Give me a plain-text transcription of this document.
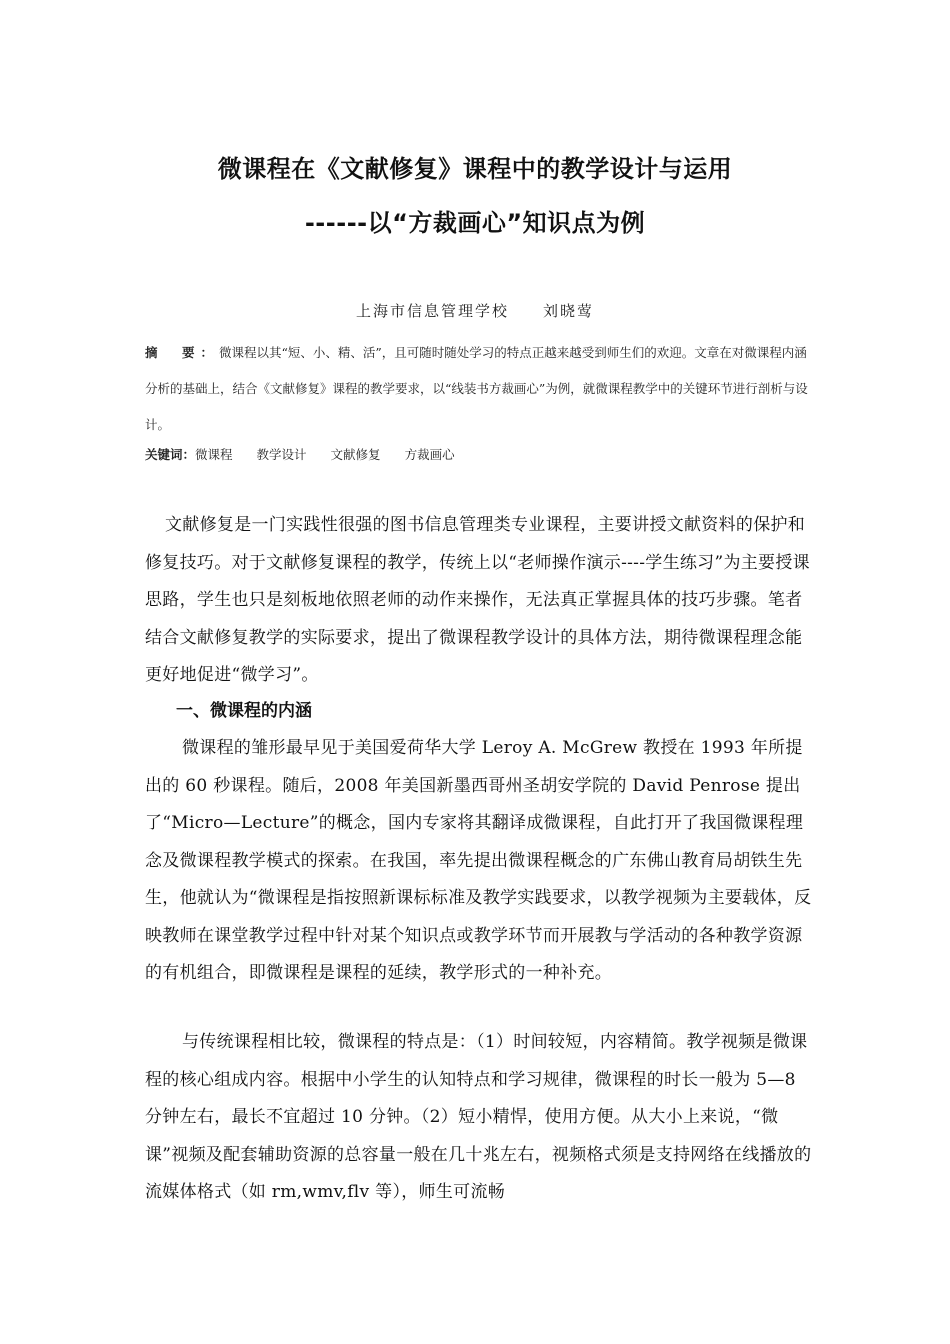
微课程在《文献修复》课程中的教学设计与运用
------以“方裁画心”知识点为例
上海市信息管理学校 刘晓莺

摘　要：微课程以其“短、小、精、活”，且可随时随处学习的特点正越来越受到师生们的欢迎。文章在对微课程内涵分析的基础上，结合《文献修复》课程的教学要求，以“线装书方裁画心”为例，就微课程教学中的关键环节进行剖析与设计。

关键词：微课程 教学设计 文献修复 方裁画心

文献修复是一门实践性很强的图书信息管理类专业课程，主要讲授文献资料的保护和修复技巧。对于文献修复课程的教学，传统上以“老师操作演示----学生练习”为主要授课思路，学生也只是刻板地依照老师的动作来操作，无法真正掌握具体的技巧步骤。笔者结合文献修复教学的实际要求，提出了微课程教学设计的具体方法，期待微课程理念能更好地促进“微学习”。

一、微课程的内涵

微课程的雏形最早见于美国爱荷华大学 Leroy A. McGrew 教授在 1993 年所提出的 60 秒课程。随后，2008 年美国新墨西哥州圣胡安学院的 David Penrose 提出了“Micro—Lecture”的概念，国内专家将其翻译成微课程，自此打开了我国微课程理念及微课程教学模式的探索。在我国，率先提出微课程概念的广东佛山教育局胡铁生先生，他就认为“微课程是指按照新课标标准及教学实践要求，以教学视频为主要载体，反映教师在课堂教学过程中针对某个知识点或教学环节而开展教与学活动的各种教学资源的有机组合，即微课程是课程的延续，教学形式的一种补充。

与传统课程相比较，微课程的特点是：（1）时间较短，内容精简。教学视频是微课程的核心组成内容。根据中小学生的认知特点和学习规律，微课程的时长一般为 5—8 分钟左右，最长不宜超过 10 分钟。（2）短小精悍，使用方便。从大小上来说，“微课”视频及配套辅助资源的总容量一般在几十兆左右，视频格式须是支持网络在线播放的流媒体格式（如 rm,wmv,flv 等），师生可流畅
